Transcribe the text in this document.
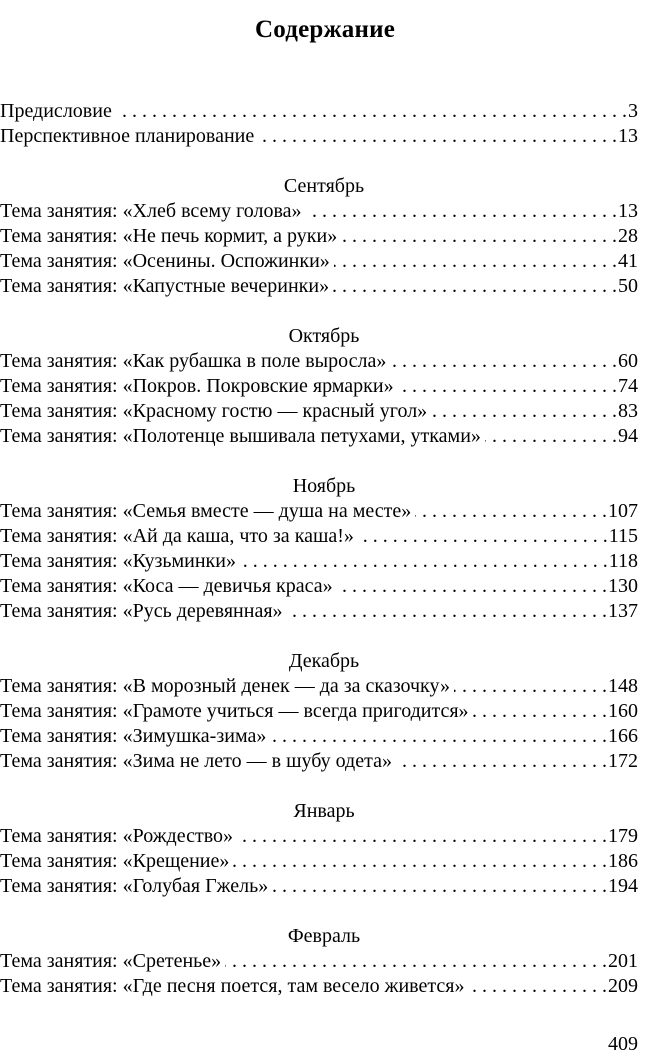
Содержание
Предисловие . . .	3
Перспективное планирование . . .	13
Сентябрь
Тема занятия: «Хлеб всему голова» . . .	13
Тема занятия: «Не печь кормит, а руки» . . .	28
Тема занятия: «Осенины. Оспожинки» . . .	41
Тема занятия: «Капустные вечеринки» . . .	50
Октябрь
Тема занятия: «Как рубашка в поле выросла» . . .	60
Тема занятия: «Покров. Покровские ярмарки» . . .	74
Тема занятия: «Красному гостю — красный угол» . . .	83
Тема занятия: «Полотенце вышивала петухами, утками» . . .	94
Ноябрь
Тема занятия: «Семья вместе — душа на месте» . . .	107
Тема занятия: «Ай да каша, что за каша!» . . .	115
Тема занятия: «Кузьминки» . . .	118
Тема занятия: «Коса — девичья краса» . . .	130
Тема занятия: «Русь деревянная» . . .	137
Декабрь
Тема занятия: «В морозный денек — да за сказочку» . . .	148
Тема занятия: «Грамоте учиться — всегда пригодится» . . .	160
Тема занятия: «Зимушка-зима» . . .	166
Тема занятия: «Зима не лето — в шубу одета» . . .	172
Январь
Тема занятия: «Рождество» . . .	179
Тема занятия: «Крещение» . . .	186
Тема занятия: «Голубая Гжель» . . .	194
Февраль
Тема занятия: «Сретенье» . . .	201
Тема занятия: «Где песня поется, там весело живется» . . .	209
409
